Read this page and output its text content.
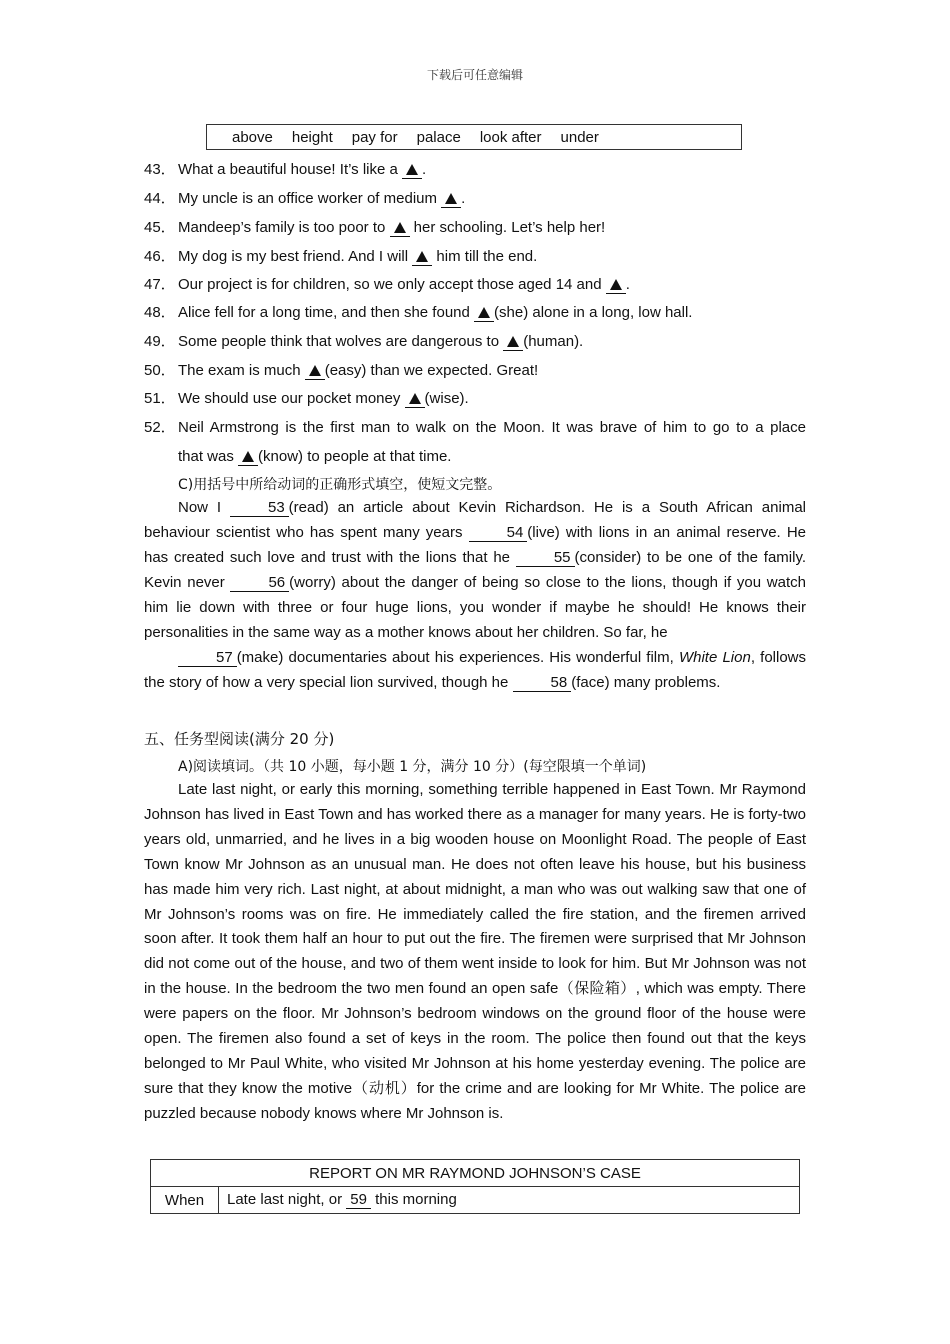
下载后可任意编辑
above height pay for palace look after under
43． What a beautiful house! It’s like a .
44． My uncle is an office worker of medium .
45． Mandeep’s family is too poor to  her schooling. Let’s help her!
46． My dog is my best friend. And I will  him till the end.
47． Our project is for children, so we only accept those aged 14 and .
48． Alice fell for a long time, and then she found (she) alone in a long, low hall.
49． Some people think that wolves are dangerous to (human).
50． The exam is much (easy) than we expected. Great!
51． We should use our pocket money (wise).
52． Neil Armstrong is the first man to walk on the Moon. It was brave of him to go to a place
that was (know) to people at that time.
C)用括号中所给动词的正确形式填空，使短文完整。
Now I	53 (read) an article about Kevin Richardson. He is a South African animal behaviour scientist who has spent many years	54 (live) with lions in an animal reserve. He has created such love and trust with the lions that he	55 (consider) to be one of the family. Kevin never	56 (worry) about the danger of being so close to the lions, though if you watch him lie down with three or four huge lions, you wonder if maybe he should! He knows their personalities in the same way as a mother knows about her children. So far, he
57 (make) documentaries about his experiences. His wonderful film, White Lion, follows the story of how a very special lion survived, though he	58 (face) many problems.
五、任务型阅读(满分 20 分)
A)阅读填词。（共 10 小题，每小题 1 分，满分 10 分）(每空限填一个单词)
Late last night, or early this morning, something terrible happened in East Town. Mr Raymond Johnson has lived in East Town and has worked there as a manager for many years. He is forty-two years old, unmarried, and he lives in a big wooden house on Moonlight Road. The people of East Town know Mr Johnson as an unusual man. He does not often leave his house, but his business has made him very rich. Last night, at about midnight, a man who was out walking saw that one of Mr Johnson’s rooms was on fire. He immediately called the fire station, and the firemen arrived soon after. It took them half an hour to put out the fire. The firemen were surprised that Mr Johnson did not come out of the house, and two of them went inside to look for him. But Mr Johnson was not in the house. In the bedroom the two men found an open safe（保险箱）, which was empty. There were papers on the floor. Mr Johnson’s bedroom windows on the ground floor of the house were open. The firemen also found a set of keys in the room. The police then found out that the keys belonged to Mr Paul White, who visited Mr Johnson at his home yesterday evening. The police are sure that they know the motive（动机）for the crime and are looking for Mr White. The police are puzzled because nobody knows where Mr Johnson is.
REPORT ON MR RAYMOND JOHNSON’S CASE
When	Late last night, or 59 this morning
